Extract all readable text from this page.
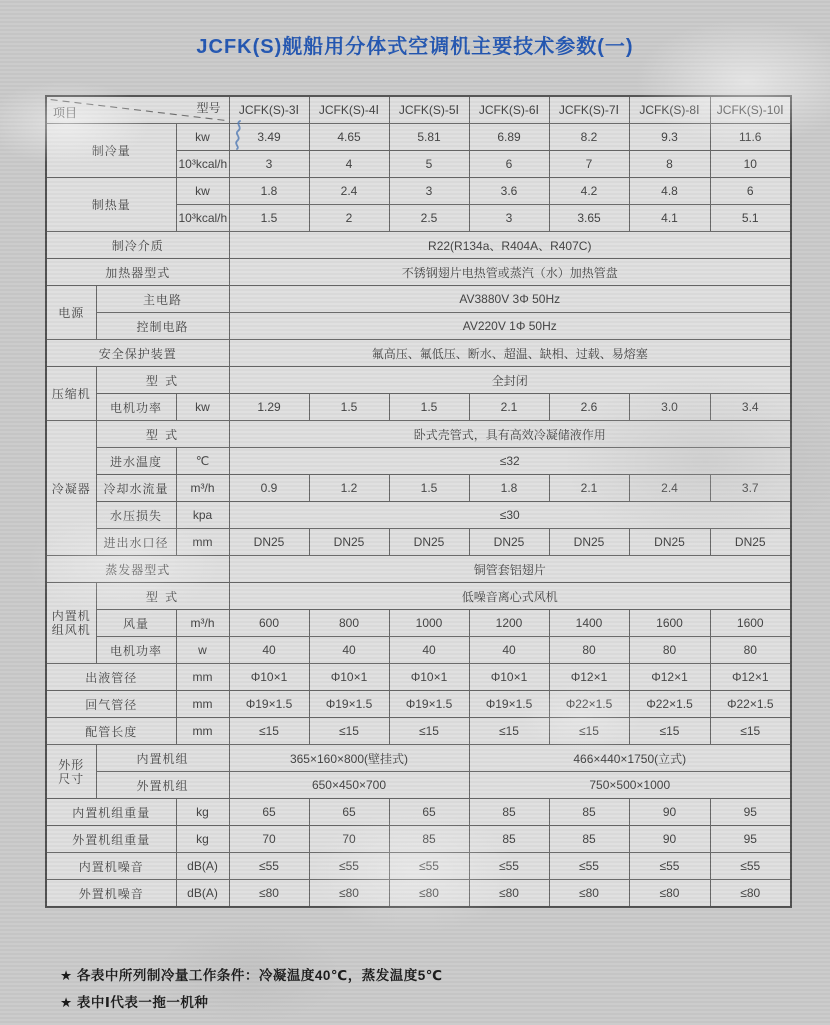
JCFK(S)舰船用分体式空调机主要技术参数(一)
项目 型号			JCFK(S)-3Ⅰ	JCFK(S)-4Ⅰ	JCFK(S)-5Ⅰ	JCFK(S)-6Ⅰ	JCFK(S)-7Ⅰ	JCFK(S)-8Ⅰ	JCFK(S)-10Ⅰ
制冷量		kw	3.49	4.65	5.81	6.89	8.2	9.3	11.6
		10³kcal/h	3	4	5	6	7	8	10
制热量		kw	1.8	2.4	3	3.6	4.2	4.8	6
		10³kcal/h	1.5	2	2.5	3	3.65	4.1	5.1
制冷介质			R22(R134a、R404A、R407C)						
加热器型式			不锈钢翅片电热管或蒸汽（水）加热管盘						
电源	主电路		AV3880V 3Φ 50Hz						
	控制电路		AV220V 1Φ 50Hz						
安全保护装置			氟高压、氟低压、断水、超温、缺相、过载、易熔塞						
压缩机	型 式		全封闭						
	电机功率	kw	1.29	1.5	1.5	2.1	2.6	3.0	3.4
冷凝器	型 式		卧式壳管式，具有高效冷凝储液作用						
	进水温度	℃	≤32						
	冷却水流量	m³/h	0.9	1.2	1.5	1.8	2.1	2.4	3.7
	水压损失	kpa	≤30						
	进出水口径	mm	DN25	DN25	DN25	DN25	DN25	DN25	DN25
蒸发器型式			铜管套铝翅片						

内置机
组风机	型 式		低噪音离心式风机						
	风量	m³/h	600	800	1000	1200	1400	1600	1600
	电机功率	w	40	40	40	40	80	80	80
出液管径		mm	Φ10×1	Φ10×1	Φ10×1	Φ10×1	Φ12×1	Φ12×1	Φ12×1
回气管径		mm	Φ19×1.5	Φ19×1.5	Φ19×1.5	Φ19×1.5	Φ22×1.5	Φ22×1.5	Φ22×1.5
配管长度		mm	≤15	≤15	≤15	≤15	≤15	≤15	≤15

外形
尺寸	内置机组		365×160×800(壁挂式)			466×440×1750(立式)			
	外置机组		650×450×700			750×500×1000			
内置机组重量		kg	65	65	65	85	85	90	95
外置机组重量		kg	70	70	85	85	85	90	95
内置机噪音		dB(A)	≤55	≤55	≤55	≤55	≤55	≤55	≤55
外置机噪音		dB(A)	≤80	≤80	≤80	≤80	≤80	≤80	≤80
★ 各表中所列制冷量工作条件：冷凝温度40℃，蒸发温度5℃
★ 表中Ⅰ代表一拖一机种
